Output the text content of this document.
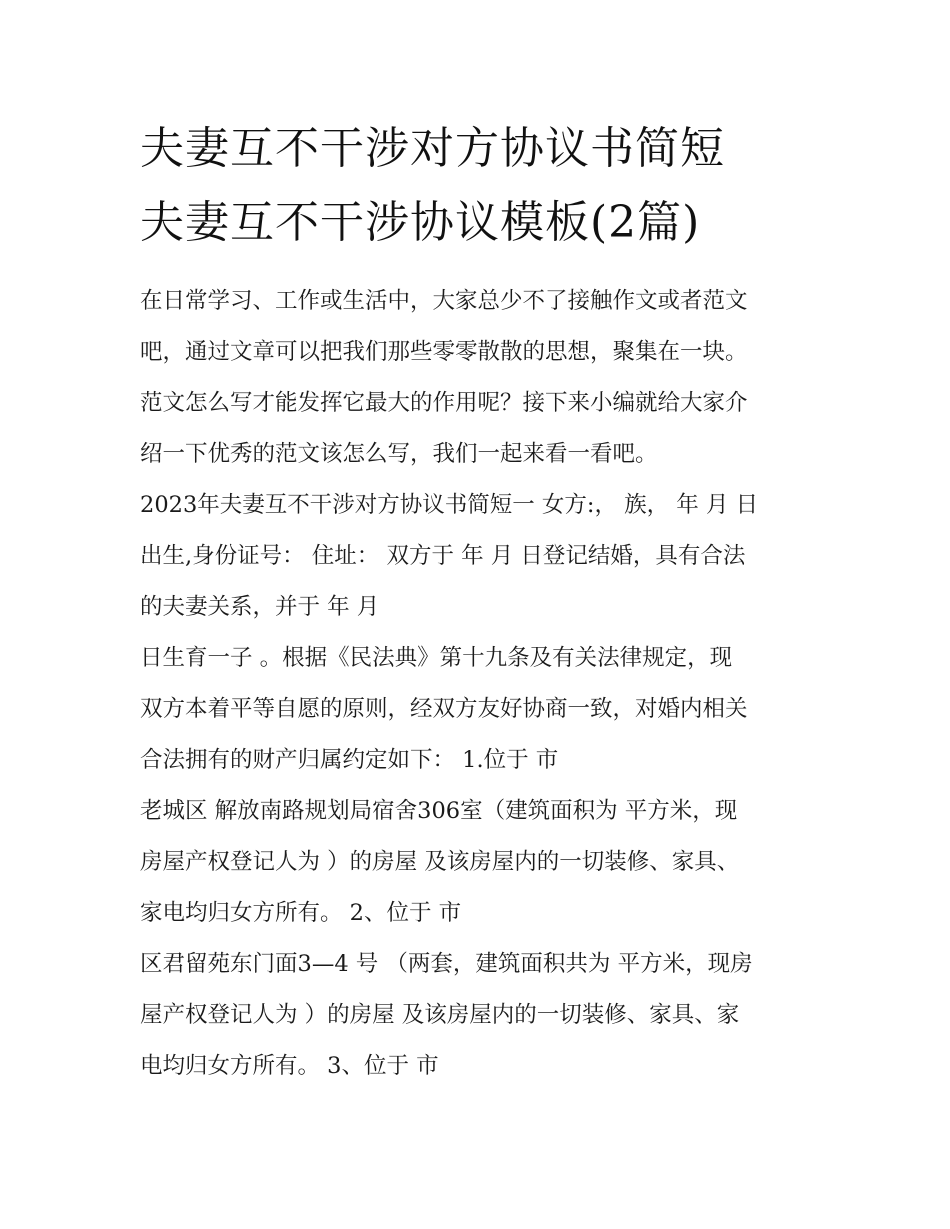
夫妻互不干涉对方协议书简短
夫妻互不干涉协议模板(2篇)
在日常学习、工作或生活中，大家总少不了接触作文或者范文
吧，通过文章可以把我们那些零零散散的思想，聚集在一块。
范文怎么写才能发挥它最大的作用呢？接下来小编就给大家介
绍一下优秀的范文该怎么写，我们一起来看一看吧。
2023年夫妻互不干涉对方协议书简短一 女方:， 族， 年 月 日
出生,身份证号： 住址： 双方于 年 月 日登记结婚，具有合法
的夫妻关系，并于 年 月
日生育一子 。根据《民法典》第十九条及有关法律规定，现
双方本着平等自愿的原则，经双方友好协商一致，对婚内相关
合法拥有的财产归属约定如下： 1.位于 市
老城区 解放南路规划局宿舍306室（建筑面积为 平方米，现
房屋产权登记人为 ）的房屋 及该房屋内的一切装修、家具、
家电均归女方所有。 2、位于 市
区君留苑东门面3—4 号 （两套，建筑面积共为 平方米，现房
屋产权登记人为 ）的房屋 及该房屋内的一切装修、家具、家
电均归女方所有。 3、位于 市
